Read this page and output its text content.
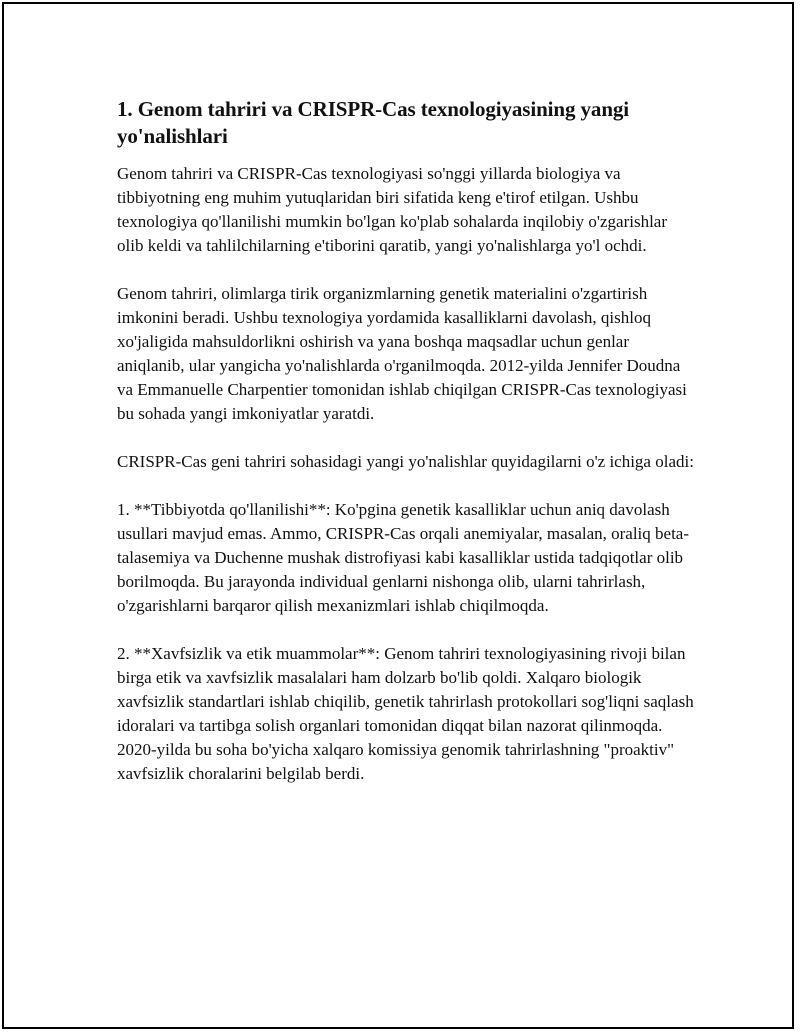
1. Genom tahriri va CRISPR-Cas texnologiyasining yangi yo'nalishlari

Genom tahriri va CRISPR-Cas texnologiyasi so'nggi yillarda biologiya va tibbiyotning eng muhim yutuqlaridan biri sifatida keng e'tirof etilgan. Ushbu texnologiya qo'llanilishi mumkin bo'lgan ko'plab sohalarda inqilobiy o'zgarishlar olib keldi va tahlilchilarning e'tiborini qaratib, yangi yo'nalishlarga yo'l ochdi.

Genom tahriri, olimlarga tirik organizmlarning genetik materialini o'zgartirish imkonini beradi. Ushbu texnologiya yordamida kasalliklarni davolash, qishloq xo'jaligida mahsuldorlikni oshirish va yana boshqa maqsadlar uchun genlar aniqlanib, ular yangicha yo'nalishlarda o'rganilmoqda. 2012-yilda Jennifer Doudna va Emmanuelle Charpentier tomonidan ishlab chiqilgan CRISPR-Cas texnologiyasi bu sohada yangi imkoniyatlar yaratdi.

CRISPR-Cas geni tahriri sohasidagi yangi yo'nalishlar quyidagilarni o'z ichiga oladi:

1. **Tibbiyotda qo'llanilishi**: Ko'pgina genetik kasalliklar uchun aniq davolash usullari mavjud emas. Ammo, CRISPR-Cas orqali anemiyalar, masalan, oraliq beta-talasemiya va Duchenne mushak distrofiyasi kabi kasalliklar ustida tadqiqotlar olib borilmoqda. Bu jarayonda individual genlarni nishonga olib, ularni tahrirlash, o'zgarishlarni barqaror qilish mexanizmlari ishlab chiqilmoqda.

2. **Xavfsizlik va etik muammolar**: Genom tahriri texnologiyasining rivoji bilan birga etik va xavfsizlik masalalari ham dolzarb bo'lib qoldi. Xalqaro biologik xavfsizlik standartlari ishlab chiqilib, genetik tahrirlash protokollari sog'liqni saqlash idoralari va tartibga solish organlari tomonidan diqqat bilan nazorat qilinmoqda. 2020-yilda bu soha bo'yicha xalqaro komissiya genomik tahrirlashning "proaktiv" xavfsizlik choralarini belgilab berdi.
